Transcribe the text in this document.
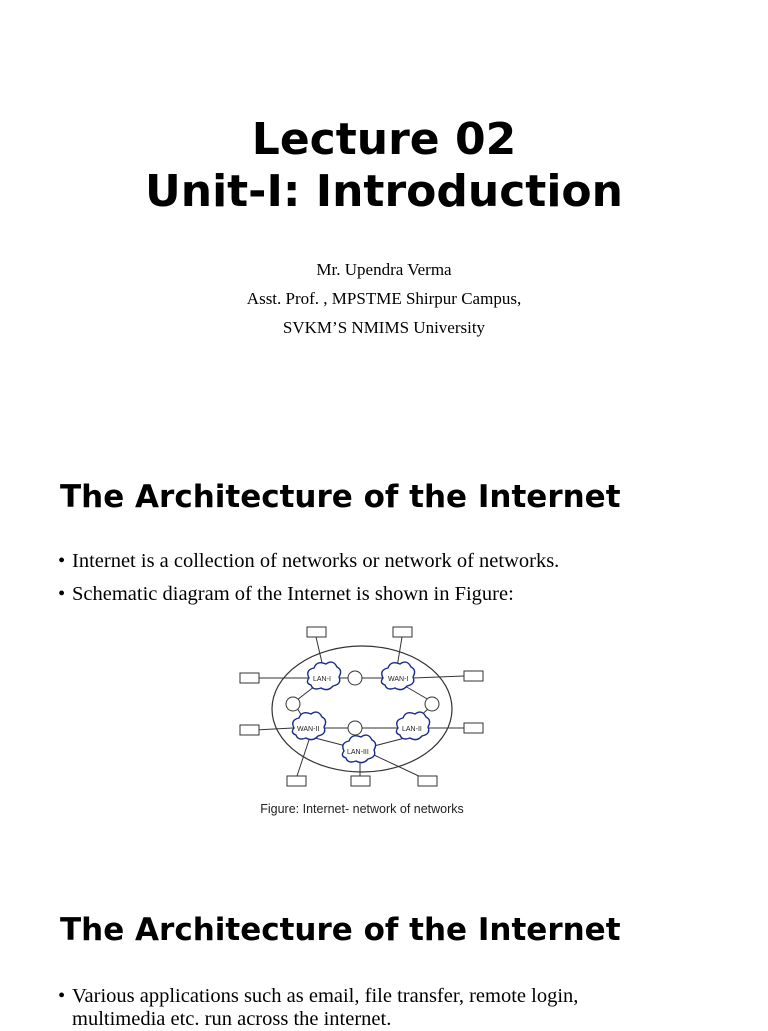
Lecture 02
Unit-I: Introduction
Mr. Upendra Verma
Asst. Prof. , MPSTME Shirpur Campus,
SVKM’S NMIMS University
The Architecture of the Internet
• Internet is a collection of networks or network of networks.
• Schematic diagram of the Internet is shown in Figure:
LAN-I	WAN-I
WAN-II	LAN-II
LAN-III
Figure: Internet- network of networks
The Architecture of the Internet
• Various applications such as email, file transfer, remote login,
multimedia etc. run across the internet.
